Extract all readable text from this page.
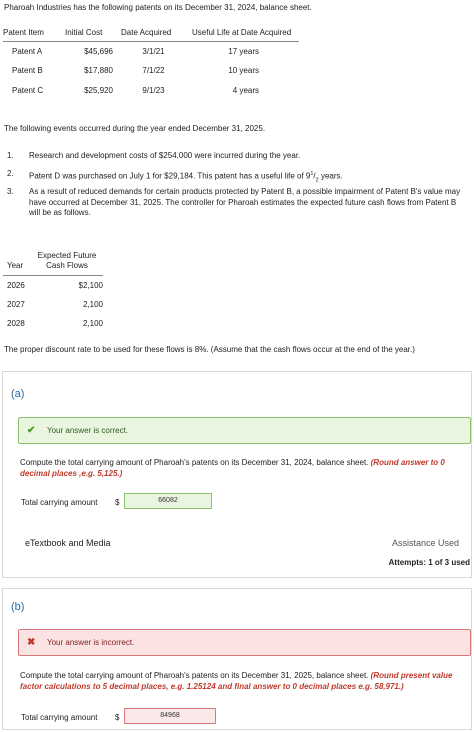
Pharoah Industries has the following patents on its December 31, 2024, balance sheet.
Patent Item	Initial Cost	Date Acquired	Useful Life at Date Acquired
Patent A	$45,696	3/1/21	17 years
Patent B	$17,880	7/1/22	10 years
Patent C	$25,920	9/1/23	4 years
The following events occurred during the year ended December 31, 2025.
1.	Research and development costs of $254,000 were incurred during the year.
2.	Patent D was purchased on July 1 for $29,184. This patent has a useful life of $9^1/_2$ years.
3.	As a result of reduced demands for certain products protected by Patent B, a possible impairment of Patent B's value may have occurred at December 31, 2025. The controller for Pharoah estimates the expected future cash flows from Patent B will be as follows.
Year	Expected Future Cash Flows
2026	$2,100
2027	2,100
2028	2,100
The proper discount rate to be used for these flows is 8%. (Assume that the cash flows occur at the end of the year.)
(a)
✔	Your answer is correct.
Compute the total carrying amount of Pharoah's patents on its December 31, 2024, balance sheet. (Round answer to 0 decimal places ,e.g. 5,125.)
Total carrying amount $	66082
eTextbook and Media	Assistance Used
Attempts: 1 of 3 used
(b)
✖	Your answer is incorrect.
Compute the total carrying amount of Pharoah's patents on its December 31, 2025, balance sheet. (Round present value factor calculations to 5 decimal places, e.g. 1.25124 and final answer to 0 decimal places e.g. 58,971.)
Total carrying amount $	84968
